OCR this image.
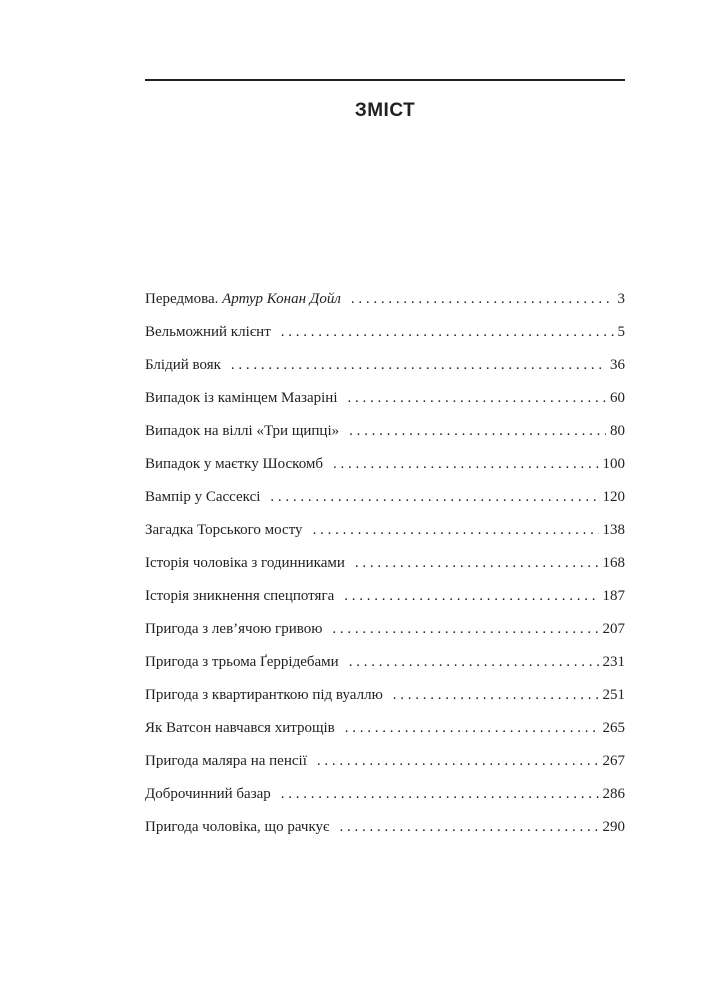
ЗМІСТ
Передмова. Артур Конан Дойл . . .	3
Вельможний клієнт . . .	5
Блідий вояк . . .	36
Випадок із камінцем Мазаріні . . .	60
Випадок на віллі «Три щипці» . . .	80
Випадок у маєтку Шоскомб . . .	100
Вампір у Сассексі . . .	120
Загадка Торського мосту . . .	138
Історія чоловіка з годинниками . . .	168
Історія зникнення спецпотяга . . .	187
Пригода з лев’ячою гривою . . .	207
Пригода з трьома Ґеррідебами . . .	231
Пригода з квартиранткою під вуаллю . . .	251
Як Ватсон навчався хитрощів . . .	265
Пригода маляра на пенсії . . .	267
Доброчинний базар . . .	286
Пригода чоловіка, що рачкує . . .	290
